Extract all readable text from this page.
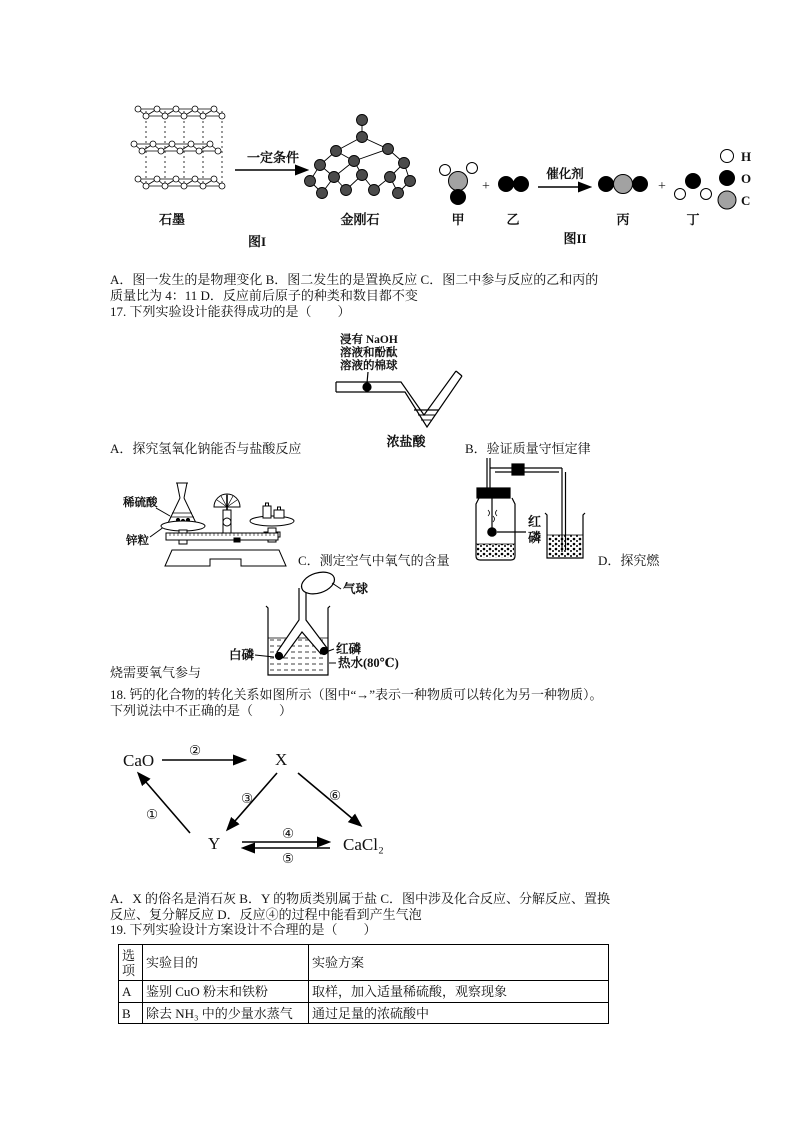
一定条件
石墨	金刚石
图I
+
催化剂
+
甲	乙	丙	丁
图II
H
O
C
A．图一发生的是物理变化 B．图二发生的是置换反应 C．图二中参与反应的乙和丙的
质量比为 4：11 D．反应前后原子的种类和数目都不变
17. 下列实验设计能获得成功的是（　　）
浸有 NaOH
溶液和酚酞
溶液的棉球
浓盐酸
A．探究氢氧化钠能否与盐酸反应	B．验证质量守恒定律
稀硫酸
锌粒
红
磷
C．测定空气中氧气的含量	D．探究燃
气球
白磷	红磷
热水(80℃)
烧需要氧气参与
18. 钙的化合物的转化关系如图所示（图中“→”表示一种物质可以转化为另一种物质）。
下列说法中不正确的是（　　）
CaO	X
Y	CaCl₂
②
①
③	⑥
④
⑤
A．X 的俗名是消石灰 B．Y 的物质类别属于盐 C．图中涉及化合反应、分解反应、置换
反应、复分解反应 D．反应④的过程中能看到产生气泡
19. 下列实验设计方案设计不合理的是（　　）
选项	实验目的	实验方案
A	鉴别 CuO 粉末和铁粉	取样，加入适量稀硫酸，观察现象
B	除去 NH₃ 中的少量水蒸气	通过足量的浓硫酸中
